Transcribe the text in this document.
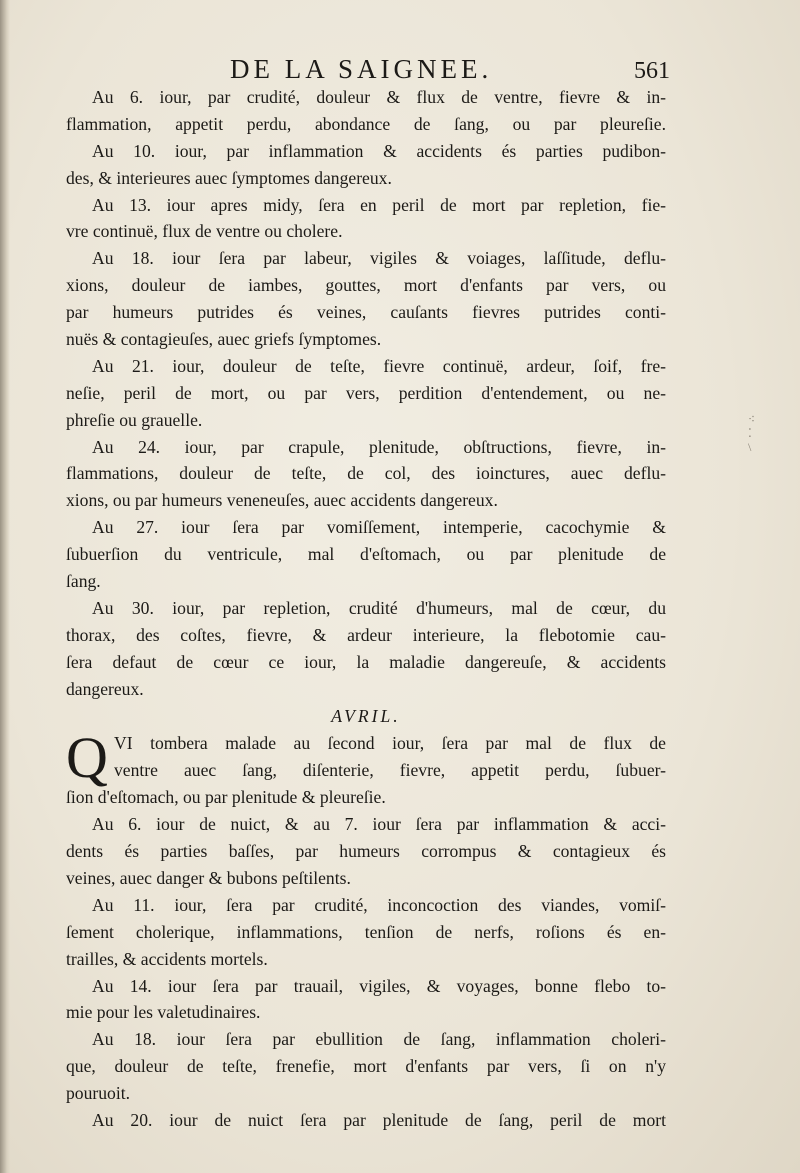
DE LA SAIGNEE.	561
Au 6. iour, par crudité, douleur & flux de ventre, fievre & in-
flammation, appetit perdu, abondance de ſang, ou par pleureſie.
Au 10. iour, par inflammation & accidents és parties pudibon-
des, & interieures auec ſymptomes dangereux.
Au 13. iour apres midy, ſera en peril de mort par repletion, fie-
vre continuë, flux de ventre ou cholere.
Au 18. iour ſera par labeur, vigiles & voiages, laſſitude, deflu-
xions, douleur de iambes, gouttes, mort d'enfants par vers, ou
par humeurs putrides és veines, cauſants fievres putrides conti-
nuës & contagieuſes, auec griefs ſymptomes.
Au 21. iour, douleur de teſte, fievre continuë, ardeur, ſoif, fre-
neſie, peril de mort, ou par vers, perdition d'entendement, ou ne-
phreſie ou grauelle.
Au 24. iour, par crapule, plenitude, obſtructions, fievre, in-
flammations, douleur de teſte, de col, des ioinctures, auec deflu-
xions, ou par humeurs veneneuſes, auec accidents dangereux.
Au 27. iour ſera par vomiſſement, intemperie, cacochymie &
ſubuerſion du ventricule, mal d'eſtomach, ou par plenitude de
ſang.
Au 30. iour, par repletion, crudité d'humeurs, mal de cœur, du
thorax, des coſtes, fievre, & ardeur interieure, la flebotomie cau-
ſera defaut de cœur ce iour, la maladie dangereuſe, & accidents
dangereux.
AVRIL.
Q VI tombera malade au ſecond iour, ſera par mal de flux de
ventre auec ſang, diſenterie, fievre, appetit perdu, ſubuer-
ſion d'eſtomach, ou par plenitude & pleureſie.
Au 6. iour de nuict, & au 7. iour ſera par inflammation & acci-
dents és parties baſſes, par humeurs corrompus & contagieux és
veines, auec danger & bubons peſtilents.
Au 11. iour, ſera par crudité, inconcoction des viandes, vomiſ-
ſement cholerique, inflammations, tenſion de nerfs, roſions és en-
trailles, & accidents mortels.
Au 14. iour ſera par trauail, vigiles, & voyages, bonne flebo to-
mie pour les valetudinaires.
Au 18. iour ſera par ebullition de ſang, inflammation choleri-
que, douleur de teſte, frenefie, mort d'enfants par vers, ſi on n'y
pouruoit.
Au 20. iour de nuict ſera par plenitude de ſang, peril de mort
⁖
⁚
\
